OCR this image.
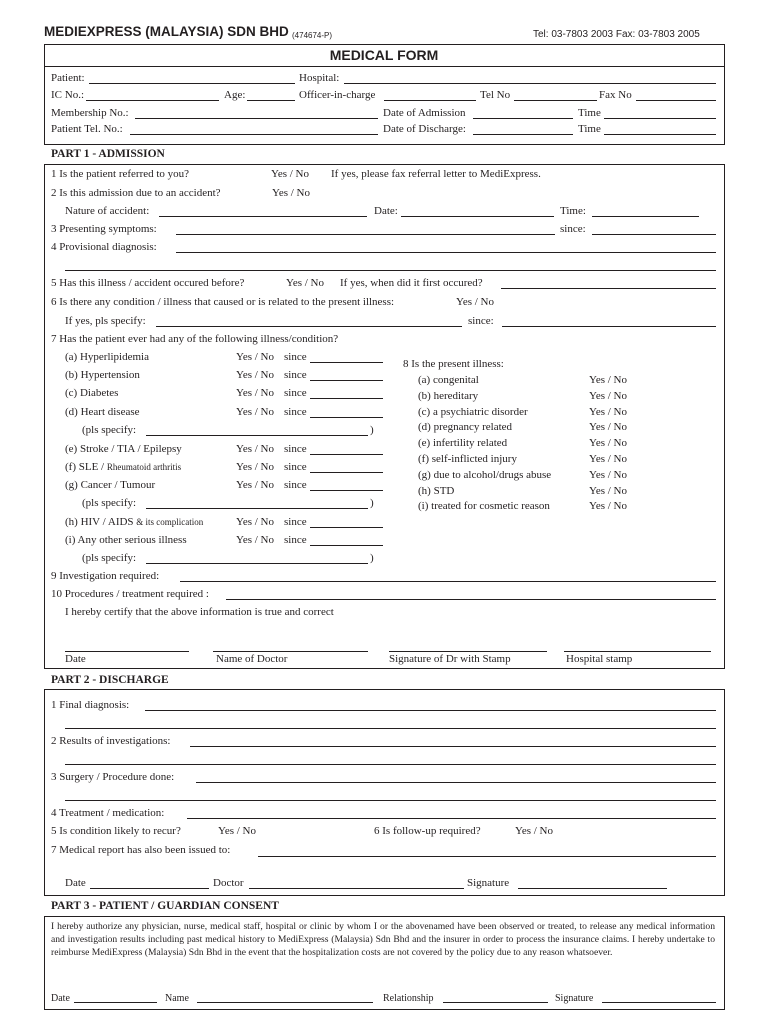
MEDIEXPRESS (MALAYSIA) SDN BHD (474674-P)	Tel: 03-7803 2003 Fax: 03-7803 2005
MEDICAL FORM
Patient:	Hospital:
IC No.:	Age:	Officer-in-charge	Tel No	Fax No
Membership No.:	Date of Admission	Time
Patient Tel. No.:	Date of Discharge:	Time
PART 1 - ADMISSION
1 Is the patient referred to you?	Yes / No If yes, please fax referral letter to MediExpress.
2 Is this admission due to an accident?	Yes / No
Nature of accident:	Date:	Time:
3 Presenting symptoms:	since:
4 Provisional diagnosis:
5 Has this illness / accident occured before?	Yes / No If yes, when did it first occured?
6 Is there any condition / illness that caused or is related to the present illness:	Yes / No
If yes, pls specify:	since:
7 Has the patient ever had any of the following illness/condition?
(a) Hyperlipidemia	Yes / No since
(b) Hypertension	Yes / No since
(c) Diabetes	Yes / No since
(d) Heart disease	Yes / No since
(pls specify:	)
(e) Stroke / TIA / Epilepsy	Yes / No since
(f) SLE / Rheumatoid arthritis	Yes / No since
(g) Cancer / Tumour	Yes / No since
(pls specify:	)
(h) HIV / AIDS & its complication	Yes / No since
(i) Any other serious illness	Yes / No since
(pls specify:	)
8 Is the present illness:
(a) congenital	Yes / No
(b) hereditary	Yes / No
(c) a psychiatric disorder	Yes / No
(d) pregnancy related	Yes / No
(e) infertility related	Yes / No
(f) self-inflicted injury	Yes / No
(g) due to alcohol/drugs abuse	Yes / No
(h) STD	Yes / No
(i) treated for cosmetic reason	Yes / No
9 Investigation required:
10 Procedures / treatment required :
I hereby certify that the above information is true and correct
Date	Name of Doctor	Signature of Dr with Stamp	Hospital stamp
PART 2 - DISCHARGE
1 Final diagnosis:
2 Results of investigations:
3 Surgery / Procedure done:
4 Treatment / medication:
5 Is condition likely to recur?	Yes / No	6 Is follow-up required?	Yes / No
7 Medical report has also been issued to:
Date	Doctor	Signature
PART 3 - PATIENT / GUARDIAN CONSENT
I hereby authorize any physician, nurse, medical staff, hospital or clinic by whom I or the abovenamed have been observed or treated, to release any medical information and investigation results including past medical history to MediExpress (Malaysia) Sdn Bhd and the insurer in order to process the insurance claims. I hereby undertake to reimburse MediExpress (Malaysia) Sdn Bhd in the event that the hospitalization costs are not covered by the policy due to any reason whatsoever.
Date	Name	Relationship	Signature
